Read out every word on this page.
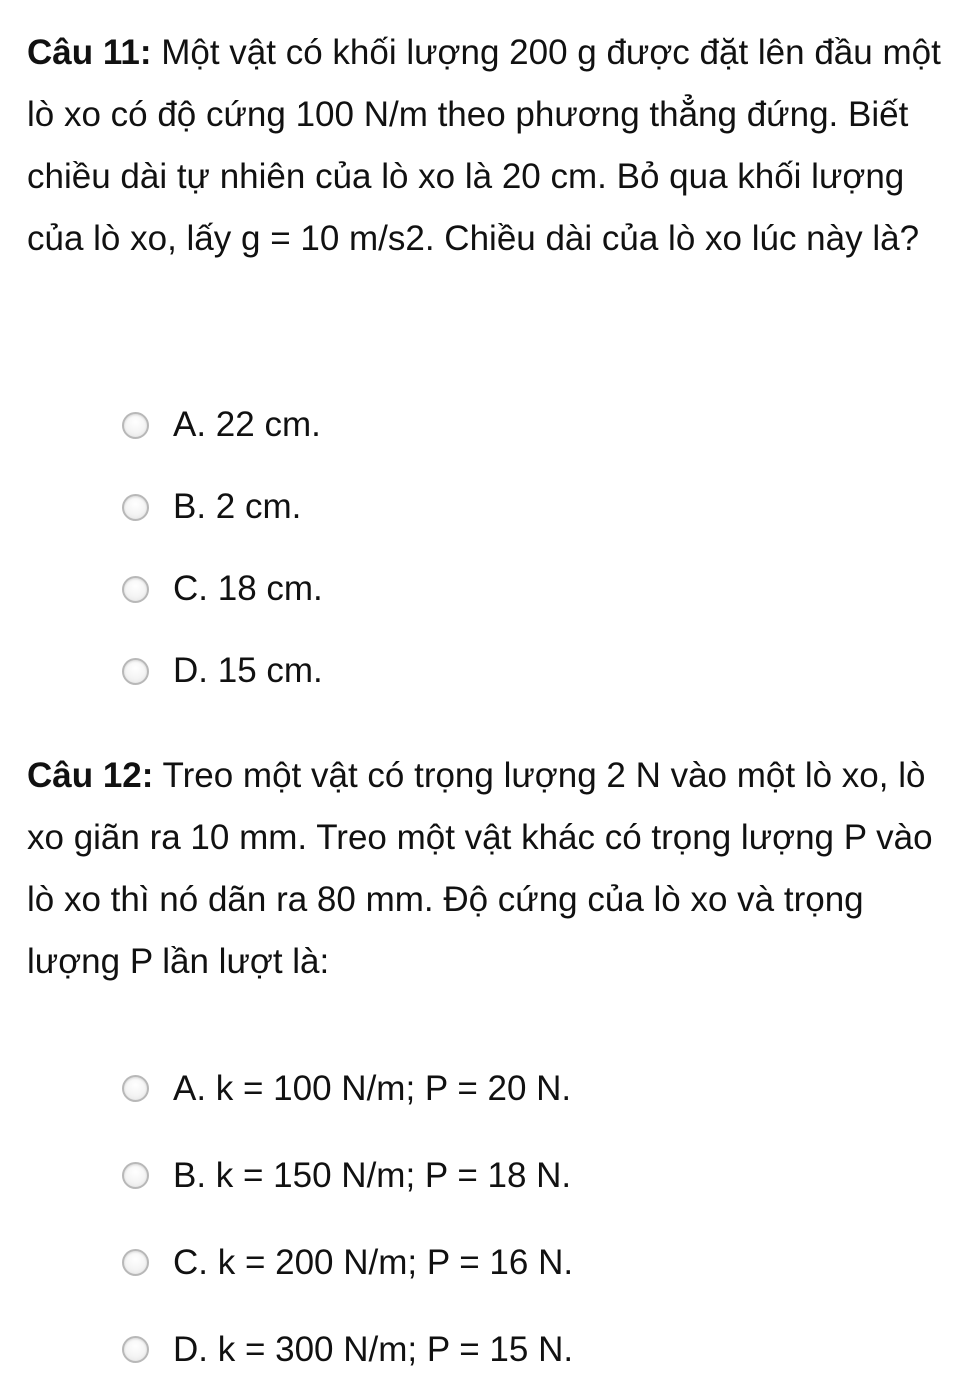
Câu 11: Một vật có khối lượng 200 g được đặt lên đầu một lò xo có độ cứng 100 N/m theo phương thẳng đứng. Biết chiều dài tự nhiên của lò xo là 20 cm. Bỏ qua khối lượng của lò xo, lấy g = 10 m/s2. Chiều dài của lò xo lúc này là?
A. 22 cm.
B. 2 cm.
C. 18 cm.
D. 15 cm.
Câu 12: Treo một vật có trọng lượng 2 N vào một lò xo, lò xo giãn ra 10 mm. Treo một vật khác có trọng lượng P vào lò xo thì nó dãn ra 80 mm. Độ cứng của lò xo và trọng lượng P lần lượt là:
A. k = 100 N/m; P = 20 N.
B. k = 150 N/m; P = 18 N.
C. k = 200 N/m; P = 16 N.
D. k = 300 N/m; P = 15 N.
